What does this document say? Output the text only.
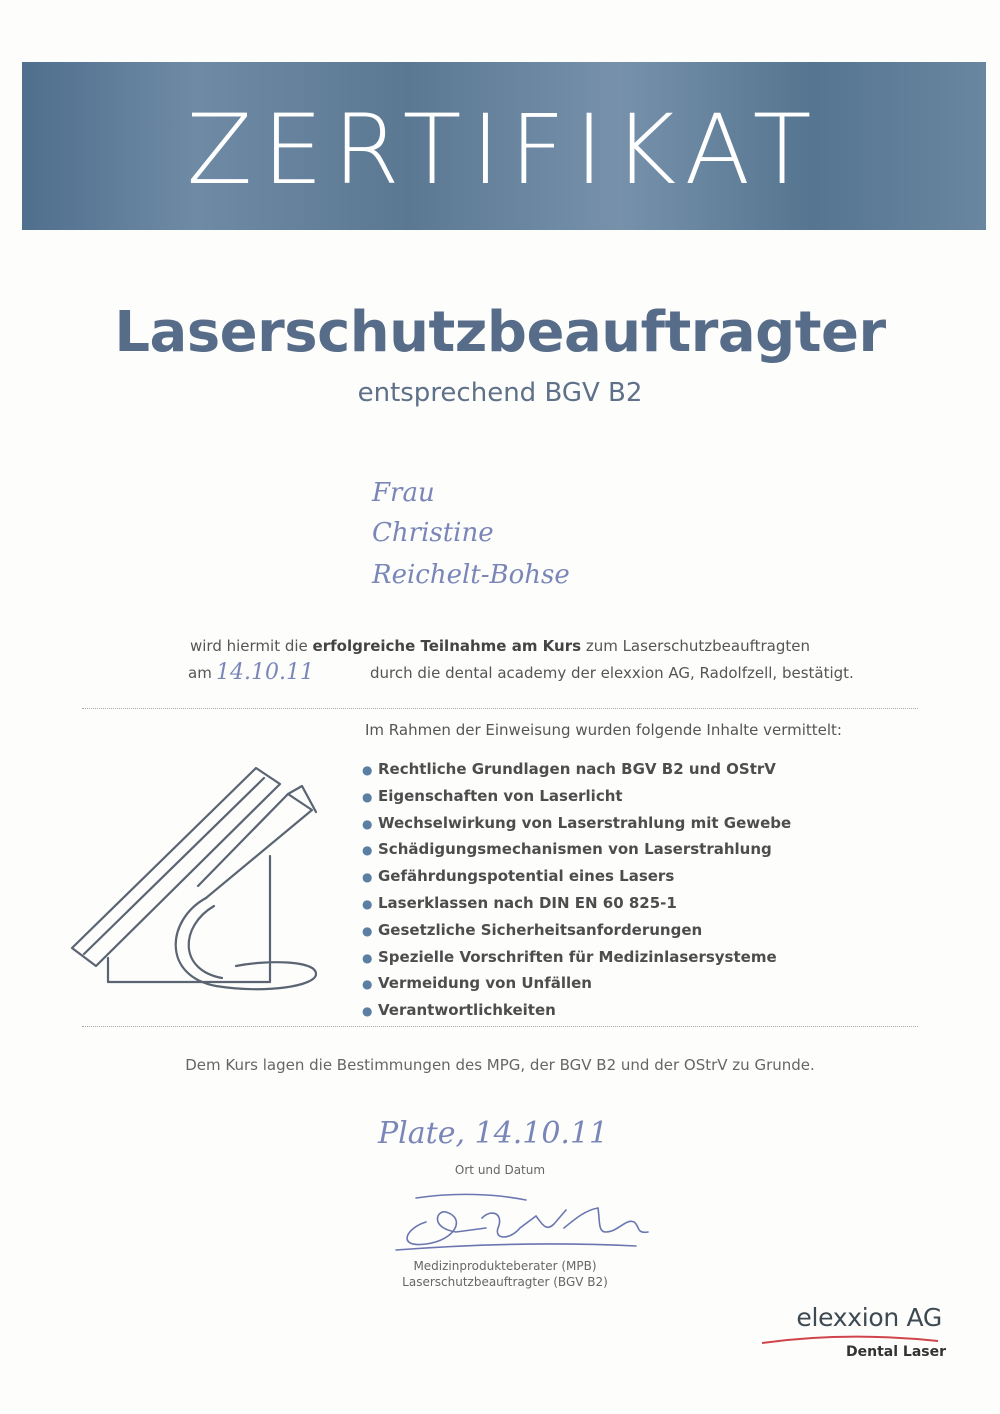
ZERTIFIKAT
Laserschutzbeauftragter
entsprechend BGV B2
Frau
Christine
Reichelt-Bohse
wird hiermit die erfolgreiche Teilnahme am Kurs zum Laserschutzbeauftragten
am 14.10.11	durch die dental academy der elexxion AG, Radolfzell, bestätigt.
Im Rahmen der Einweisung wurden folgende Inhalte vermittelt:
● Rechtliche Grundlagen nach BGV B2 und OStrV
● Eigenschaften von Laserlicht
● Wechselwirkung von Laserstrahlung mit Gewebe
● Schädigungsmechanismen von Laserstrahlung
● Gefährdungspotential eines Lasers
● Laserklassen nach DIN EN 60 825-1
● Gesetzliche Sicherheitsanforderungen
● Spezielle Vorschriften für Medizinlasersysteme
● Vermeidung von Unfällen
● Verantwortlichkeiten
Dem Kurs lagen die Bestimmungen des MPG, der BGV B2 und der OStrV zu Grunde.
Plate, 14.10.11
Ort und Datum
Medizinprodukteberater (MPB)
Laserschutzbeauftragter (BGV B2)
elexxion AG
Dental Laser
